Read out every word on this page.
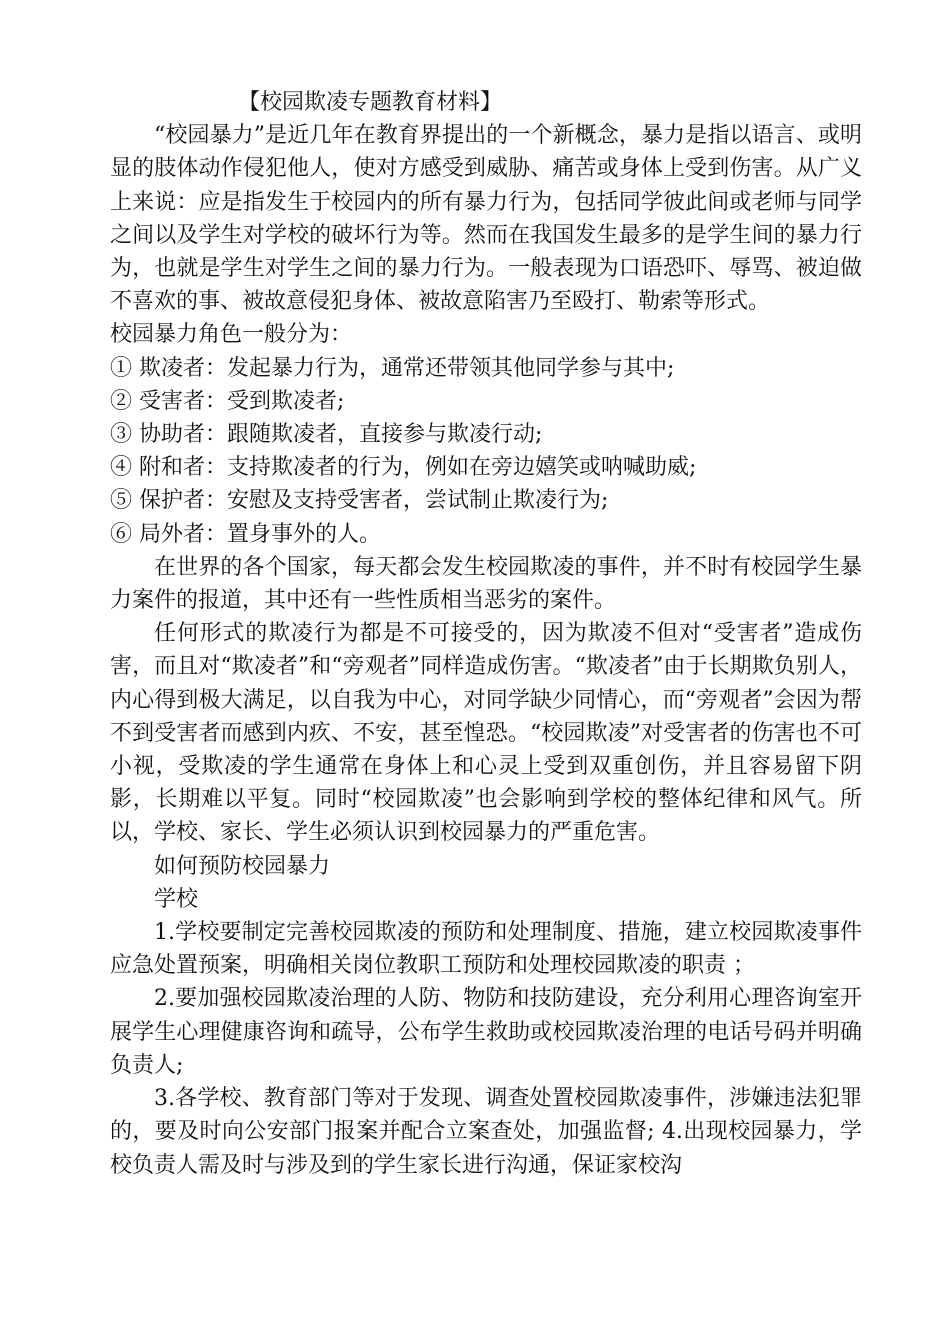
【校园欺凌专题教育材料】
“校园暴力”是近几年在教育界提出的一个新概念，暴力是指以语言、或明显的肢体动作侵犯他人，使对方感受到威胁、痛苦或身体上受到伤害。从广义上来说：应是指发生于校园内的所有暴力行为，包括同学彼此间或老师与同学之间以及学生对学校的破坏行为等。然而在我国发生最多的是学生间的暴力行为，也就是学生对学生之间的暴力行为。一般表现为口语恐吓、辱骂、被迫做不喜欢的事、被故意侵犯身体、被故意陷害乃至殴打、勒索等形式。
校园暴力角色一般分为：
① 欺凌者：发起暴力行为，通常还带领其他同学参与其中;
② 受害者：受到欺凌者;
③ 协助者：跟随欺凌者，直接参与欺凌行动;
④ 附和者：支持欺凌者的行为，例如在旁边嬉笑或呐喊助威;
⑤ 保护者：安慰及支持受害者，尝试制止欺凌行为;
⑥ 局外者：置身事外的人。
在世界的各个国家，每天都会发生校园欺凌的事件，并不时有校园学生暴力案件的报道，其中还有一些性质相当恶劣的案件。
任何形式的欺凌行为都是不可接受的，因为欺凌不但对“受害者”造成伤害，而且对“欺凌者”和“旁观者”同样造成伤害。“欺凌者”由于长期欺负别人，内心得到极大满足，以自我为中心，对同学缺少同情心，而“旁观者”会因为帮不到受害者而感到内疚、不安，甚至惶恐。“校园欺凌”对受害者的伤害也不可小视，受欺凌的学生通常在身体上和心灵上受到双重创伤，并且容易留下阴影，长期难以平复。同时“校园欺凌”也会影响到学校的整体纪律和风气。所以，学校、家长、学生必须认识到校园暴力的严重危害。
如何预防校园暴力
学校
1.学校要制定完善校园欺凌的预防和处理制度、措施，建立校园欺凌事件应急处置预案，明确相关岗位教职工预防和处理校园欺凌的职责 ；
2.要加强校园欺凌治理的人防、物防和技防建设，充分利用心理咨询室开展学生心理健康咨询和疏导，公布学生救助或校园欺凌治理的电话号码并明确负责人;
3.各学校、教育部门等对于发现、调查处置校园欺凌事件，涉嫌违法犯罪的，要及时向公安部门报案并配合立案查处，加强监督; 4.出现校园暴力，学校负责人需及时与涉及到的学生家长进行沟通，保证家校沟
